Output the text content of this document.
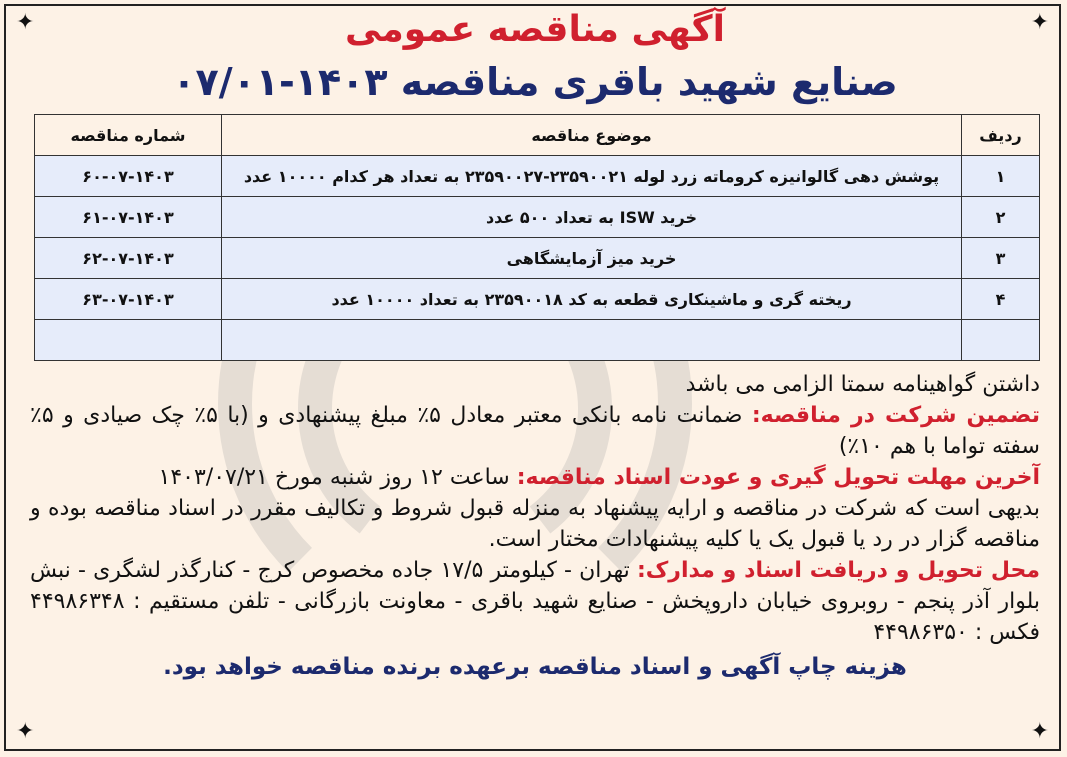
✦	✦
✦	✦
آگهی مناقصه عمومی
صنایع شهید باقری مناقصه ۱۴۰۳-۰۷/۰۱
ردیف	موضوع مناقصه	شماره مناقصه
۱	پوشش دهی گالوانیزه کروماته زرد لوله ۲۳۵۹۰۰۲۱-۲۳۵۹۰۰۲۷ به تعداد هر کدام ۱۰۰۰۰ عدد	۶۰-۰۷-۱۴۰۳
۲	خرید ISW به تعداد ۵۰۰ عدد	۶۱-۰۷-۱۴۰۳
۳	خرید میز آزمایشگاهی	۶۲-۰۷-۱۴۰۳
۴	ریخته گری و ماشینکاری قطعه به کد ۲۳۵۹۰۰۱۸ به تعداد ۱۰۰۰۰ عدد	۶۳-۰۷-۱۴۰۳

داشتن گواهینامه سمتا الزامی می باشد

تضمین شرکت در مناقصه: ضمانت نامه بانکی معتبر معادل ۵٪ مبلغ پیشنهادی و (با ۵٪ چک صیادی و ۵٪ سفته تواما با هم ۱۰٪)

آخرین مهلت تحویل گیری و عودت اسناد مناقصه: ساعت ۱۲ روز شنبه مورخ ۱۴۰۳/۰۷/۲۱

بدیهی است که شرکت در مناقصه و ارایه پیشنهاد به منزله قبول شروط و تکالیف مقرر در اسناد مناقصه بوده و مناقصه گزار در رد یا قبول یک یا کلیه پیشنهادات مختار است.

محل تحویل و دریافت اسناد و مدارک: تهران - کیلومتر ۱۷/۵ جاده مخصوص کرج - کنارگذر لشگری - نبش بلوار آذر پنجم - روبروی خیابان داروپخش - صنایع شهید باقری - معاونت بازرگانی - تلفن مستقیم : ۴۴۹۸۶۳۴۸ فکس : ۴۴۹۸۶۳۵۰

هزینه چاپ آگهی و اسناد مناقصه برعهده برنده مناقصه خواهد بود.
